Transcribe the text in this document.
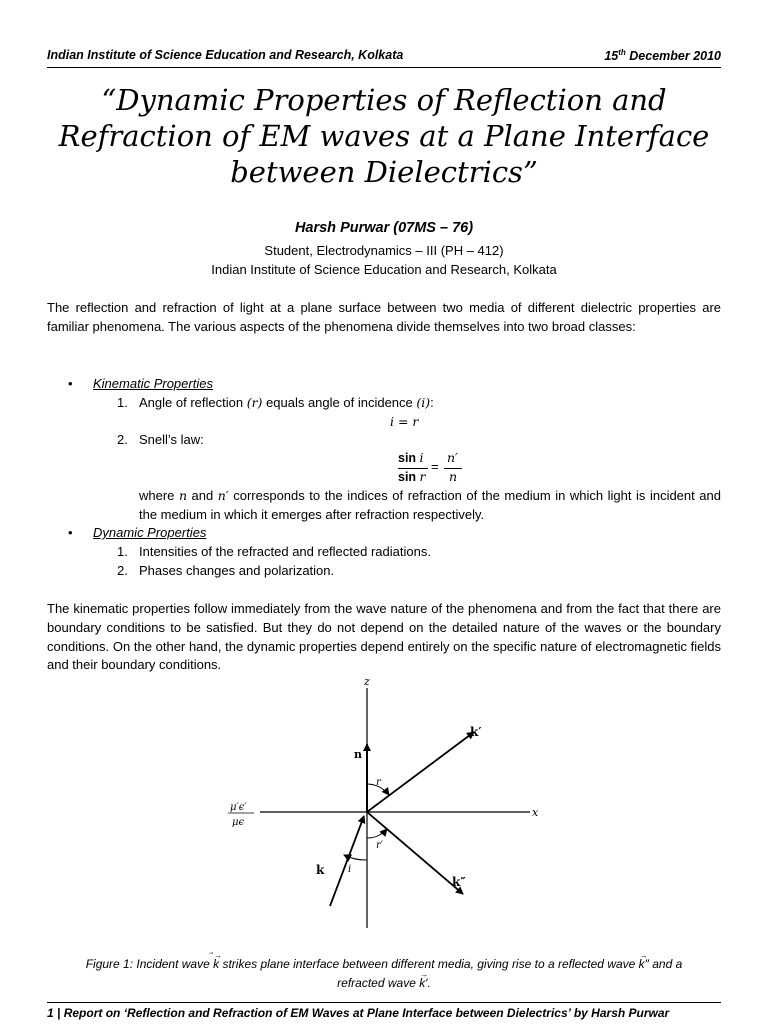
Indian Institute of Science Education and Research, Kolkata	15th December 2010
“Dynamic Properties of Reflection and
Refraction of EM waves at a Plane Interface
between Dielectrics”
Harsh Purwar (07MS – 76)
Student, Electrodynamics – III (PH – 412)
Indian Institute of Science Education and Research, Kolkata
The reflection and refraction of light at a plane surface between two media of different dielectric properties are familiar phenomena. The various aspects of the phenomena divide themselves into two broad classes:
• Kinematic Properties
1. Angle of reflection (r) equals angle of incidence (i):
i = r
2. Snell’s law:
sin i
sin r
=
n′
n
where n and n′ corresponds to the indices of refraction of the medium in which light is incident and the medium in which it emerges after refraction respectively.
• Dynamic Properties
1. Intensities of the refracted and reflected radiations.
2. Phases changes and polarization.
The kinematic properties follow immediately from the wave nature of the phenomena and from the fact that there are boundary conditions to be satisfied. But they do not depend on the detailed nature of the waves or the boundary conditions. On the other hand, the dynamic properties depend entirely on the specific nature of electromagnetic fields and their boundary conditions.
z
x
n
k′
k
k″
r
r′
i
μ′ϵ′
μϵ
Figure 1: Incident wave
→
k strikes plane interface between different media, giving rise to a reflected wave
→
k″ and a
refracted wave
→
k′.
1 | Report on ‘Reflection and Refraction of EM Waves at Plane Interface between Dielectrics’ by Harsh Purwar
